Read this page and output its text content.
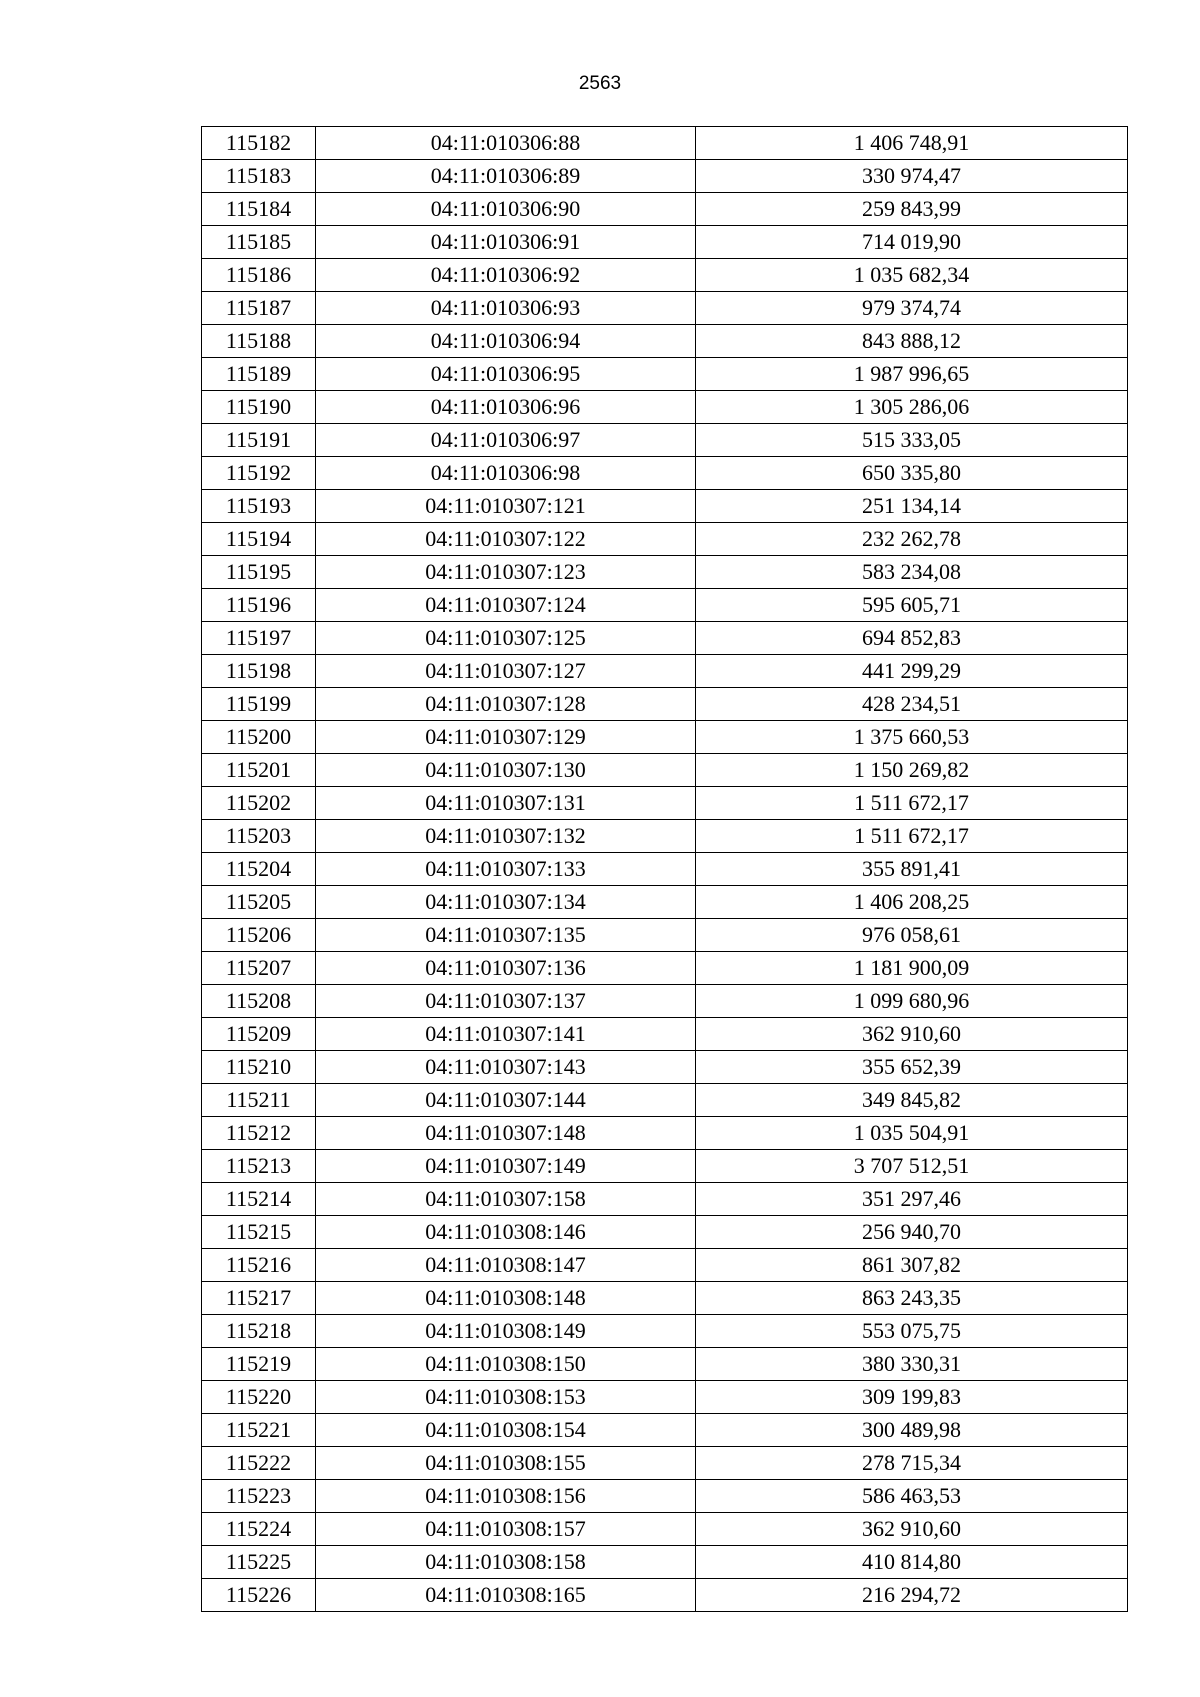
2563
115182	04:11:010306:88	1 406 748,91
115183	04:11:010306:89	330 974,47
115184	04:11:010306:90	259 843,99
115185	04:11:010306:91	714 019,90
115186	04:11:010306:92	1 035 682,34
115187	04:11:010306:93	979 374,74
115188	04:11:010306:94	843 888,12
115189	04:11:010306:95	1 987 996,65
115190	04:11:010306:96	1 305 286,06
115191	04:11:010306:97	515 333,05
115192	04:11:010306:98	650 335,80
115193	04:11:010307:121	251 134,14
115194	04:11:010307:122	232 262,78
115195	04:11:010307:123	583 234,08
115196	04:11:010307:124	595 605,71
115197	04:11:010307:125	694 852,83
115198	04:11:010307:127	441 299,29
115199	04:11:010307:128	428 234,51
115200	04:11:010307:129	1 375 660,53
115201	04:11:010307:130	1 150 269,82
115202	04:11:010307:131	1 511 672,17
115203	04:11:010307:132	1 511 672,17
115204	04:11:010307:133	355 891,41
115205	04:11:010307:134	1 406 208,25
115206	04:11:010307:135	976 058,61
115207	04:11:010307:136	1 181 900,09
115208	04:11:010307:137	1 099 680,96
115209	04:11:010307:141	362 910,60
115210	04:11:010307:143	355 652,39
115211	04:11:010307:144	349 845,82
115212	04:11:010307:148	1 035 504,91
115213	04:11:010307:149	3 707 512,51
115214	04:11:010307:158	351 297,46
115215	04:11:010308:146	256 940,70
115216	04:11:010308:147	861 307,82
115217	04:11:010308:148	863 243,35
115218	04:11:010308:149	553 075,75
115219	04:11:010308:150	380 330,31
115220	04:11:010308:153	309 199,83
115221	04:11:010308:154	300 489,98
115222	04:11:010308:155	278 715,34
115223	04:11:010308:156	586 463,53
115224	04:11:010308:157	362 910,60
115225	04:11:010308:158	410 814,80
115226	04:11:010308:165	216 294,72
